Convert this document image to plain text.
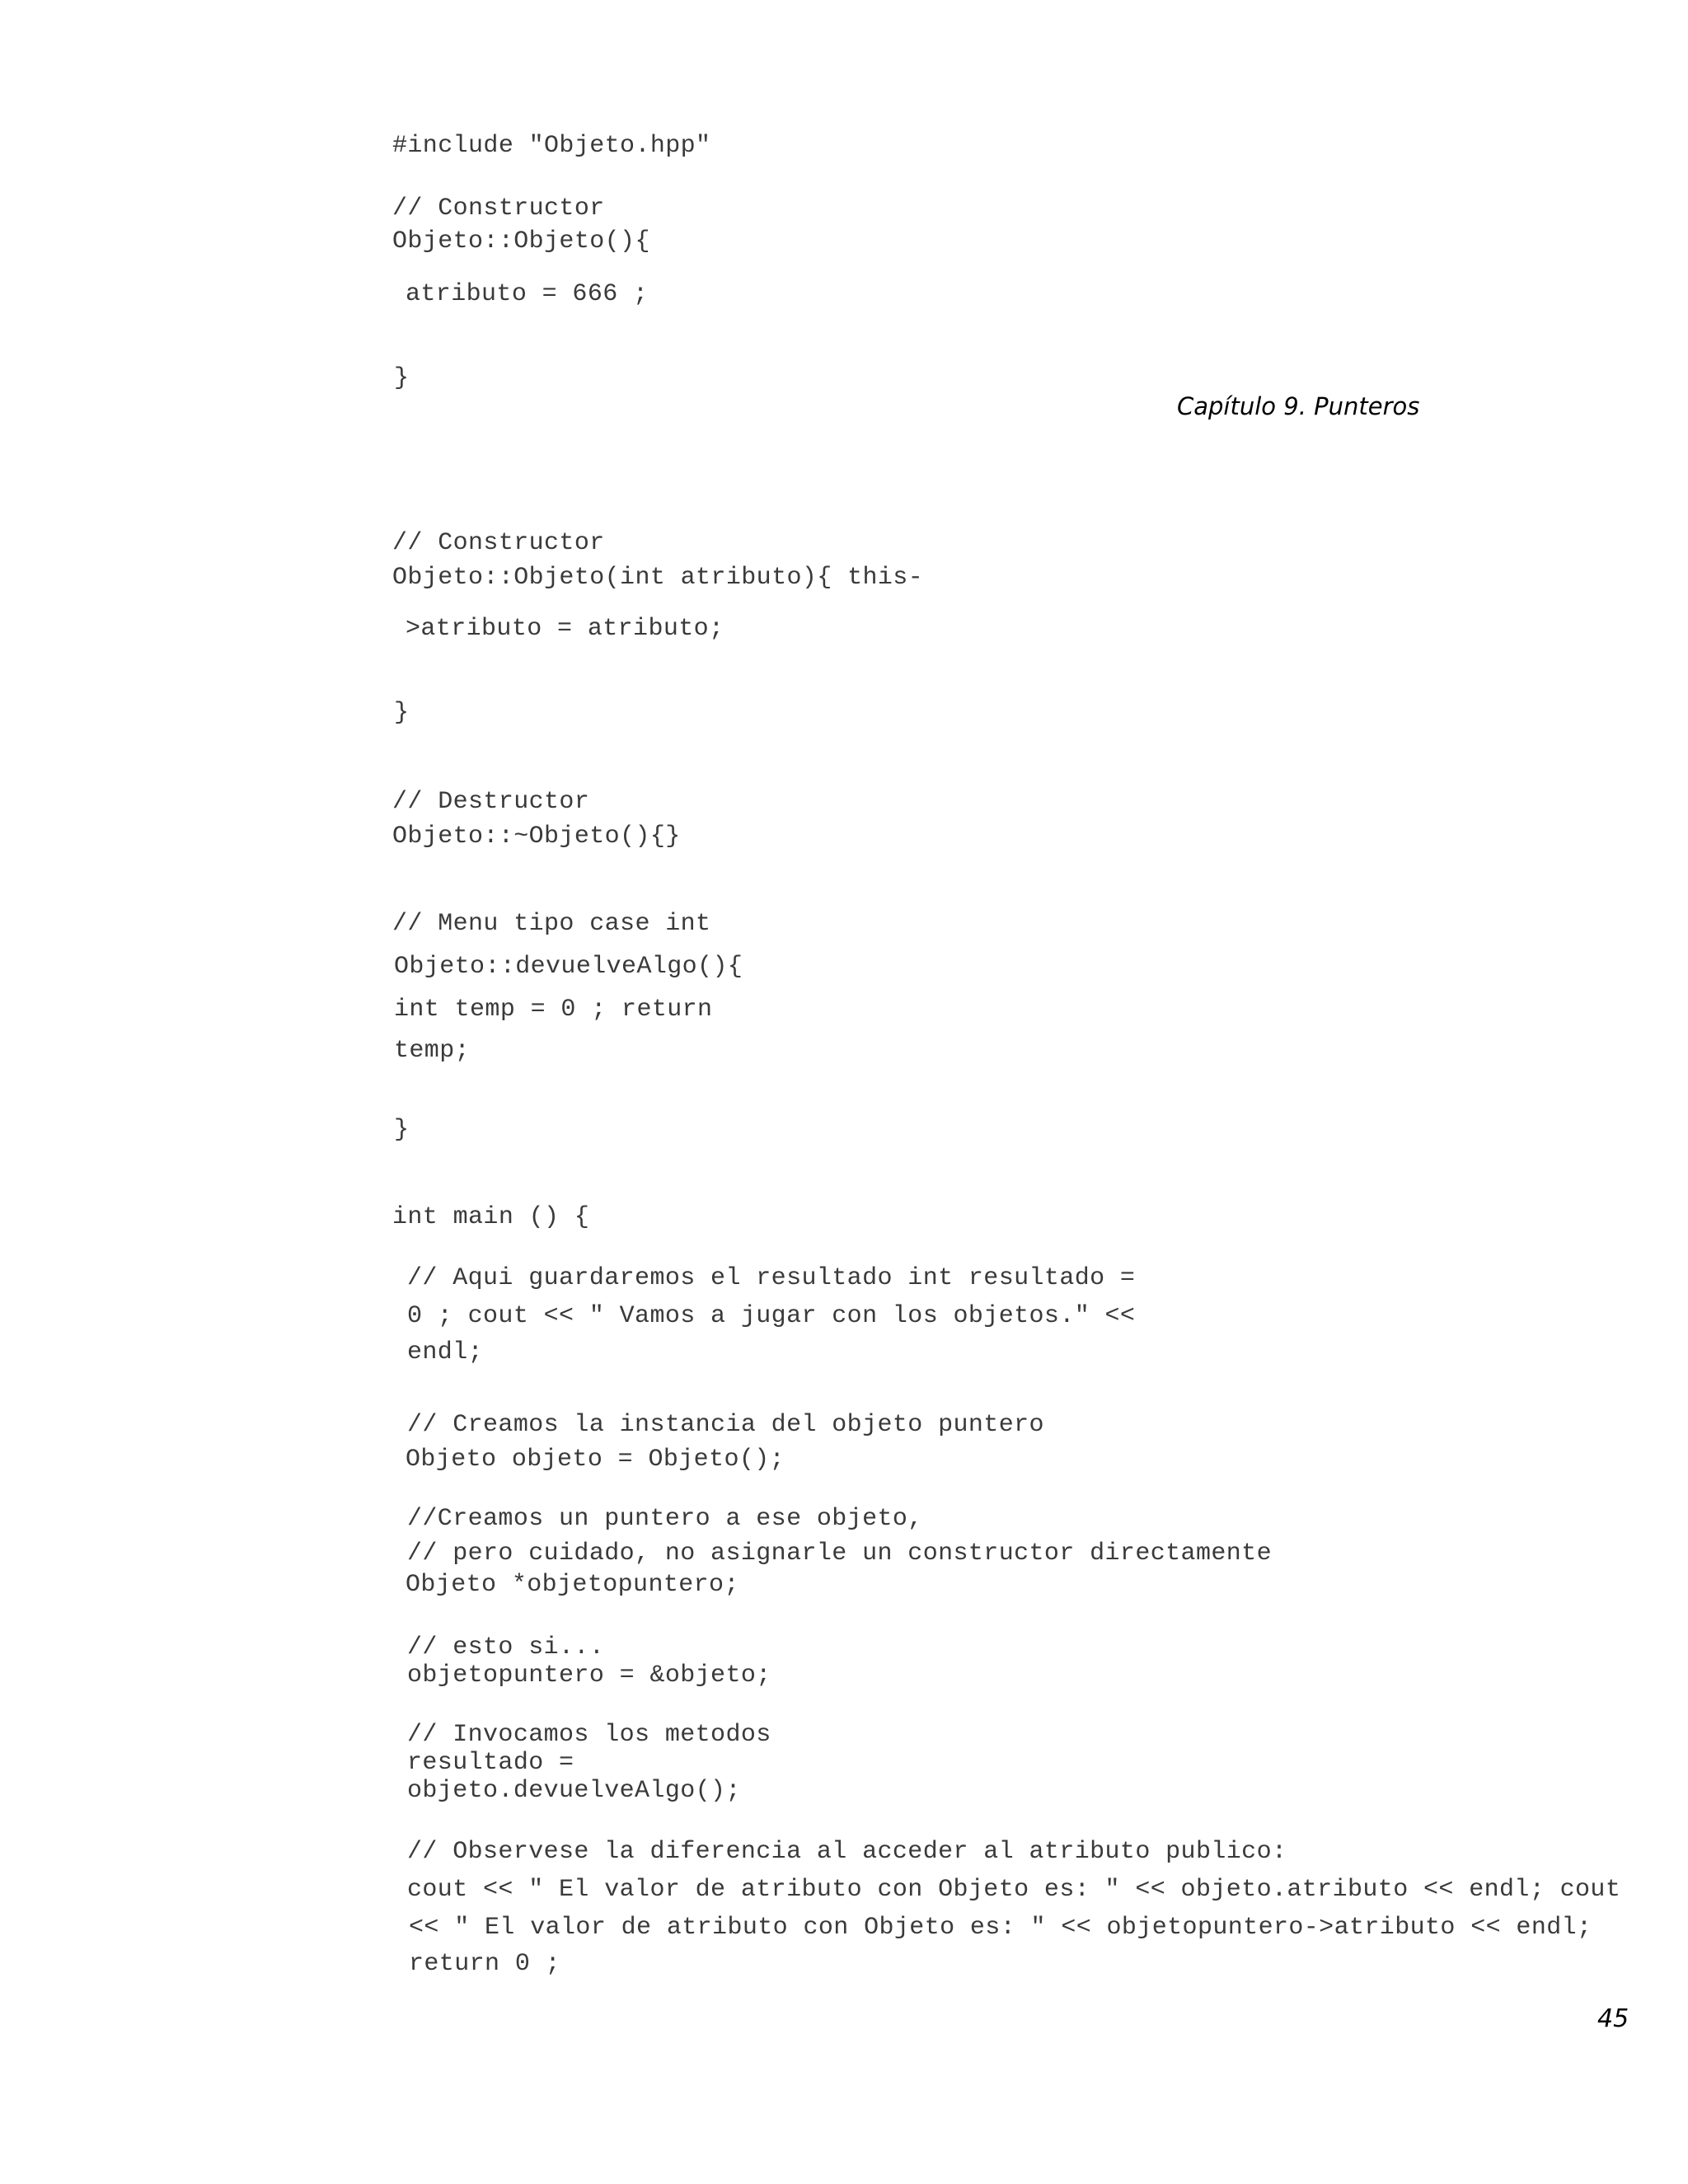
Capítulo 9. Punteros
#include "Objeto.hpp"
// Constructor
Objeto::Objeto(){
atributo = 666 ;
}
// Constructor
Objeto::Objeto(int atributo){ this-
>atributo = atributo;
}
// Destructor
Objeto::~Objeto(){}
// Menu tipo case int
Objeto::devuelveAlgo(){
int temp = 0 ; return
temp;
}
int main () {
// Aqui guardaremos el resultado int resultado =
0 ; cout << " Vamos a jugar con los objetos." <<
endl;
// Creamos la instancia del objeto puntero
Objeto objeto = Objeto();
//Creamos un puntero a ese objeto,
// pero cuidado, no asignarle un constructor directamente
Objeto *objetopuntero;
// esto si...
objetopuntero = &objeto;
// Invocamos los metodos
resultado =
objeto.devuelveAlgo();
// Observese la diferencia al acceder al atributo publico:
cout << " El valor de atributo con Objeto es: " << objeto.atributo << endl; cout
<< " El valor de atributo con Objeto es: " << objetopuntero->atributo << endl;
return 0 ;
45
